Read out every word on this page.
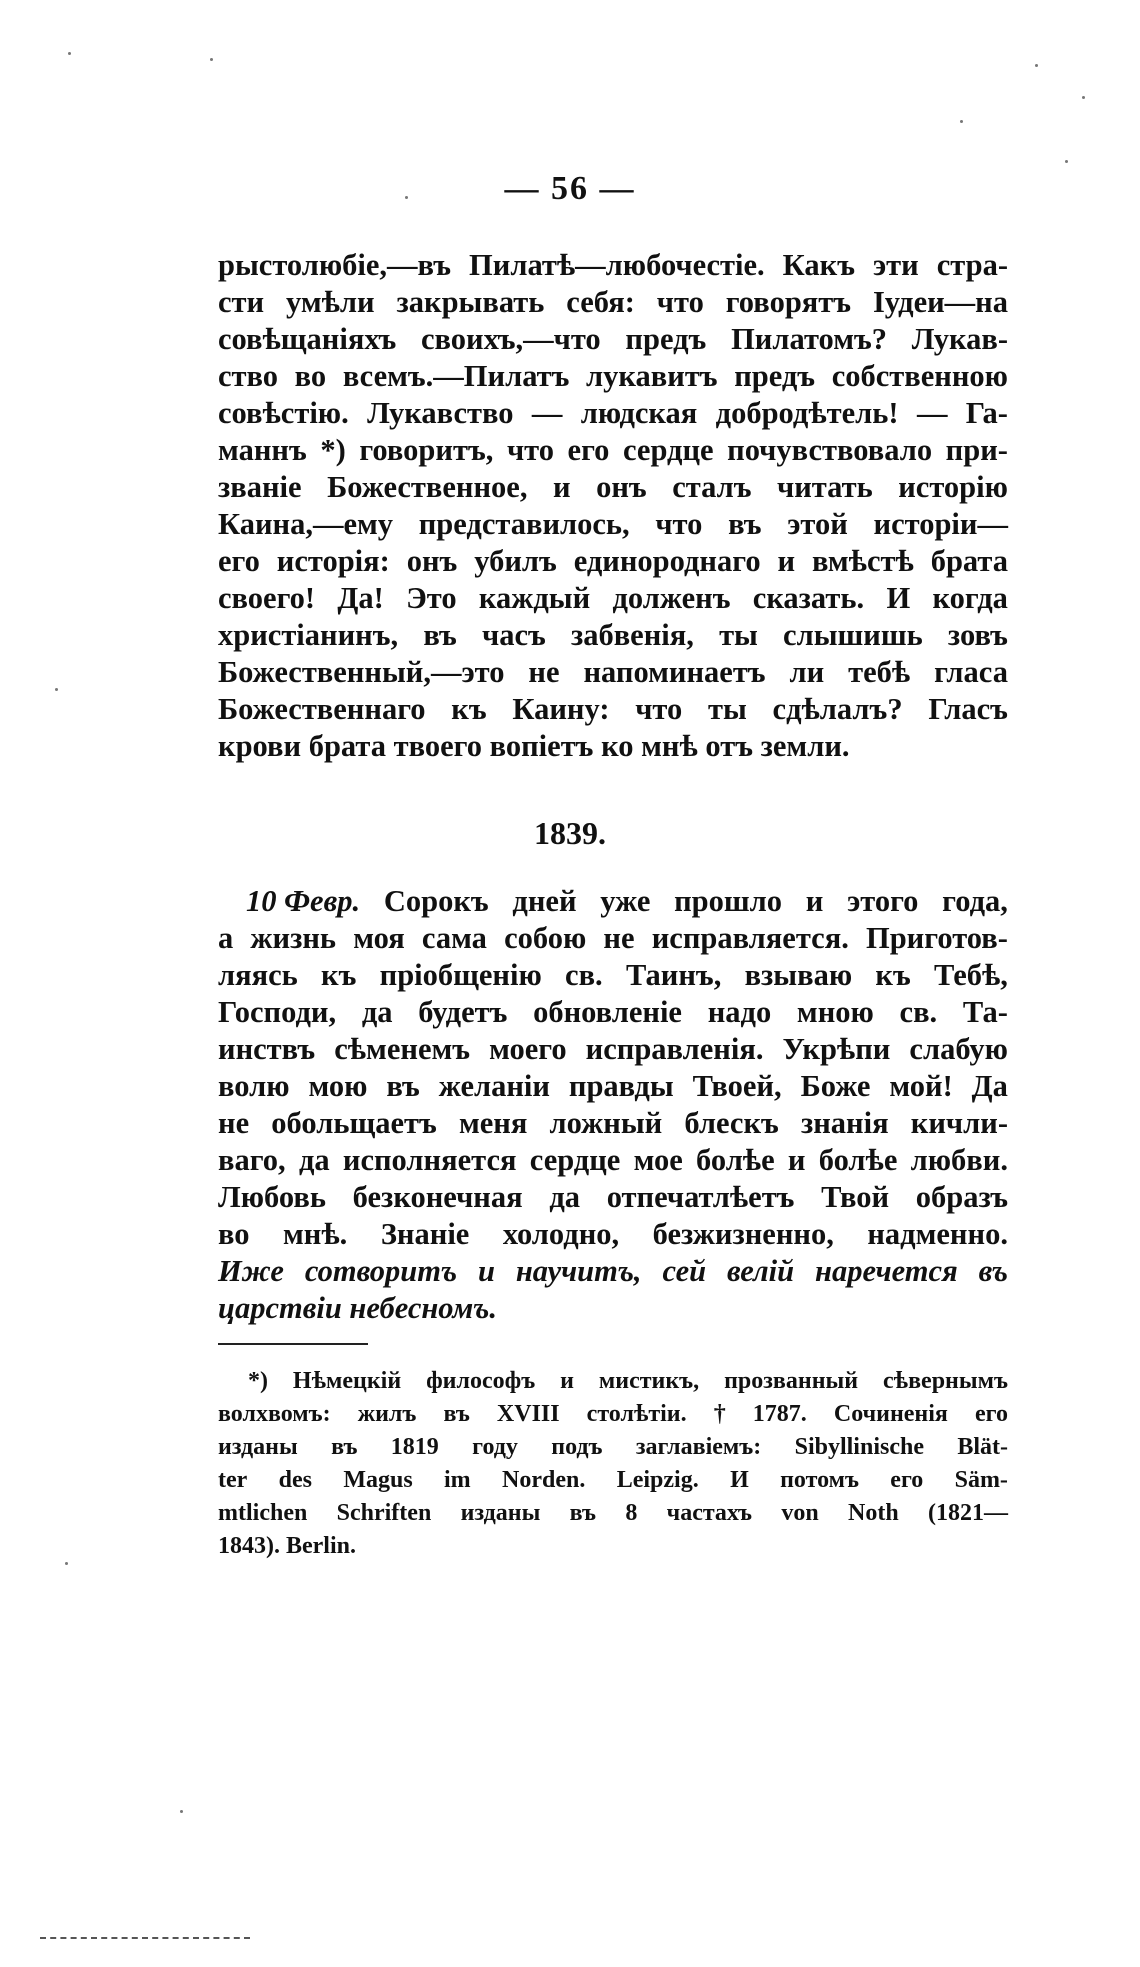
— 56 —
рыстолюбіе,—въ Пилатѣ—любочестіе. Какъ эти стра-
сти умѣли закрывать себя: что говорятъ Іудеи—на
совѣщаніяхъ своихъ,—что предъ Пилатомъ? Лукав-
ство во всемъ.—Пилатъ лукавитъ предъ собственною
совѣстію. Лукавство — людская добродѣтель! — Га-
маннъ *) говоритъ, что его сердце почувствовало при-
званіе Божественное, и онъ сталъ читать исторію
Каина,—ему представилось, что въ этой исторіи—
его исторія: онъ убилъ единороднаго и вмѣстѣ брата
своего! Да! Это каждый долженъ сказать. И когда
христіанинъ, въ часъ забвенія, ты слышишь зовъ
Божественный,—это не напоминаетъ ли тебѣ гласа
Божественнаго къ Каину: что ты сдѣлалъ? Гласъ
крови брата твоего вопіетъ ко мнѣ отъ земли.
1839.
10 Февр. Сорокъ дней уже прошло и этого года,
а жизнь моя сама собою не исправляется. Приготов-
ляясь къ пріобщенію св. Таинъ, взываю къ Тебѣ,
Господи, да будетъ обновленіе надо мною св. Та-
инствъ сѣменемъ моего исправленія. Укрѣпи слабую
волю мою въ желаніи правды Твоей, Боже мой! Да
не обольщаетъ меня ложный блескъ знанія кичли-
ваго, да исполняется сердце мое болѣе и болѣе любви.
Любовь безконечная да отпечатлѣетъ Твой образъ
во мнѣ. Знаніе холодно, безжизненно, надменно.
Иже сотворитъ и научитъ, сей велій наречется въ
царствіи небесномъ.
*) Нѣмецкій философъ и мистикъ, прозванный сѣвернымъ
волхвомъ: жилъ въ XVIII столѣтіи. † 1787. Сочиненія его
изданы въ 1819 году подъ заглавіемъ: Sibyllinische Blät-
ter des Magus im Norden. Leipzig. И потомъ его Säm-
mtlichen Schriften изданы въ 8 частахъ von Noth (1821—
1843). Berlin.
